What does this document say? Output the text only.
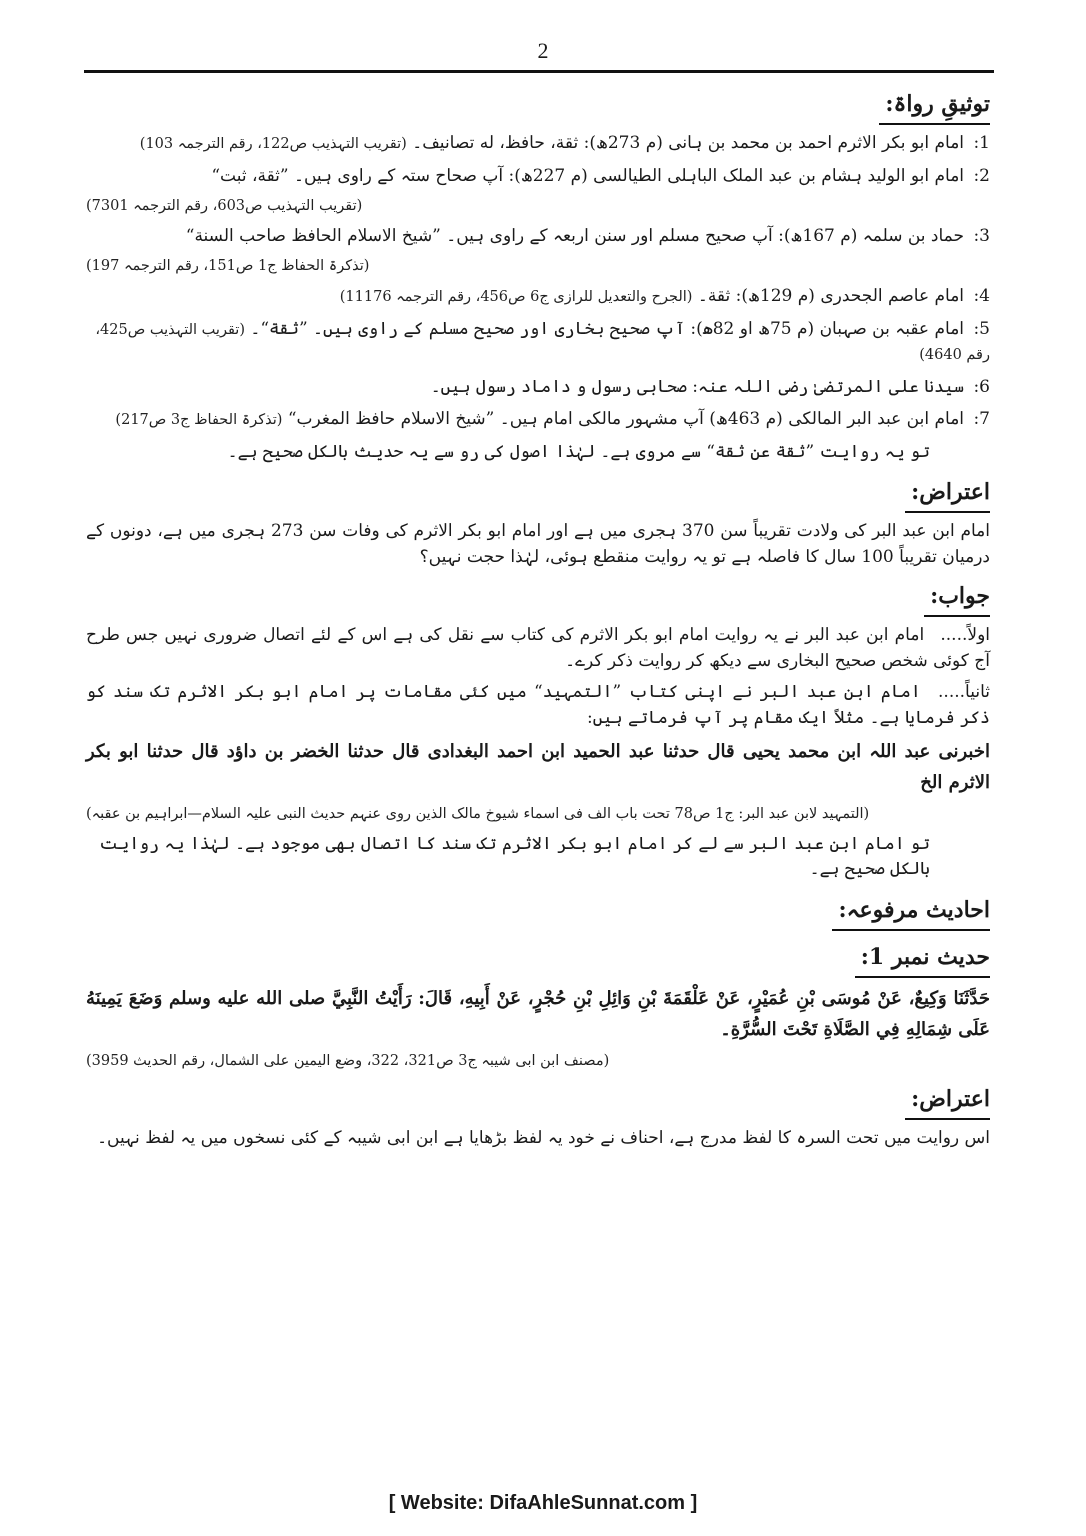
2
توثیقِ رواۃ:
1: امام ابو بکر الاثرم احمد بن محمد بن ہانی (م 273ھ): ثقة، حافظ، له تصانیف۔ (تقریب التہذیب ص122، رقم الترجمہ 103)
2: امام ابو الولید ہشام بن عبد الملک الباہلی الطیالسی (م 227ھ): آپ صحاح ستہ کے راوی ہیں۔ ”ثقة، ثبت“
(تقریب التہذیب ص603، رقم الترجمہ 7301)
3: حماد بن سلمہ (م 167ھ): آپ صحیح مسلم اور سنن اربعہ کے راوی ہیں۔ ”شیخ الاسلام الحافظ صاحب السنة“
(تذکرۃ الحفاظ ج1 ص151، رقم الترجمہ 197)
4: امام عاصم الجحدری (م 129ھ): ثقة۔ (الجرح والتعدیل للرازی ج6 ص456، رقم الترجمہ 11176)
5: امام عقبہ بن صہبان (م 75ھ او 82ھ): آپ صحیح بخاری اور صحیح مسلم کے راوی ہیں۔ ”ثقة“۔ (تقریب التہذیب ص425، رقم 4640)
6: سیدنا علی المرتضیٰ رضی اللہ عنہ: صحابی رسول و داماد رسول ہیں۔
7: امام ابن عبد البر المالکی (م 463ھ) آپ مشہور مالکی امام ہیں۔ ”شیخ الاسلام حافظ المغرب“ (تذکرۃ الحفاظ ج3 ص217)
تو یہ روایت ”ثقة عن ثقة“ سے مروی ہے۔ لہٰذا اصول کی رو سے یہ حدیث بالکل صحیح ہے۔
اعتراض:
امام ابن عبد البر کی ولادت تقریباً سن 370 ہجری میں ہے اور امام ابو بکر الاثرم کی وفات سن 273 ہجری میں ہے، دونوں کے درمیان تقریباً 100 سال کا فاصلہ ہے تو یہ روایت منقطع ہوئی، لہٰذا حجت نہیں؟
جواب:
اولاً..... امام ابن عبد البر نے یہ روایت امام ابو بکر الاثرم کی کتاب سے نقل کی ہے اس کے لئے اتصال ضروری نہیں جس طرح آج کوئی شخص صحیح البخاری سے دیکھ کر روایت ذکر کرے۔
ثانیاً..... امام ابن عبد البر نے اپنی کتاب ”التمہید“ میں کئی مقامات پر امام ابو بکر الاثرم تک سند کو ذکر فرمایا ہے۔ مثلاً ایک مقام پر آپ فرماتے ہیں:
اخبرنی عبد اللہ ابن محمد یحیی قال حدثنا عبد الحمید ابن احمد البغدادی قال حدثنا الخضر بن داؤد قال حدثنا ابو بکر الاثرم الخ
(التمہید لابن عبد البر: ج1 ص78 تحت باب الف فی اسماء شیوخ مالک الذین روی عنہم حدیث النبی علیہ السلام—ابراہیم بن عقبہ)
تو امام ابن عبد البر سے لے کر امام ابو بکر الاثرم تک سند کا اتصال بھی موجود ہے۔ لہٰذا یہ روایت بالکل صحیح ہے۔
احادیث مرفوعہ:
حدیث نمبر 1:
حَدَّثَنَا وَكِيعٌ، عَنْ مُوسَى بْنِ عُمَيْرٍ، عَنْ عَلْقَمَةَ بْنِ وَائِلِ بْنِ حُجْرٍ، عَنْ أَبِيهِ، قَالَ: رَأَيْتُ النَّبِيَّ صلى الله عليه وسلم وَضَعَ يَمِينَهُ عَلَى شِمَالِهِ فِي الصَّلَاةِ تَحْتَ السُّرَّةِ۔
(مصنف ابن ابی شیبہ ج3 ص321، 322، وضع الیمین علی الشمال، رقم الحدیث 3959)
اعتراض:
اس روایت میں تحت السرہ کا لفظ مدرج ہے، احناف نے خود یہ لفظ بڑھایا ہے ابن ابی شیبہ کے کئی نسخوں میں یہ لفظ نہیں۔
[ Website: DifaAhleSunnat.com ]
